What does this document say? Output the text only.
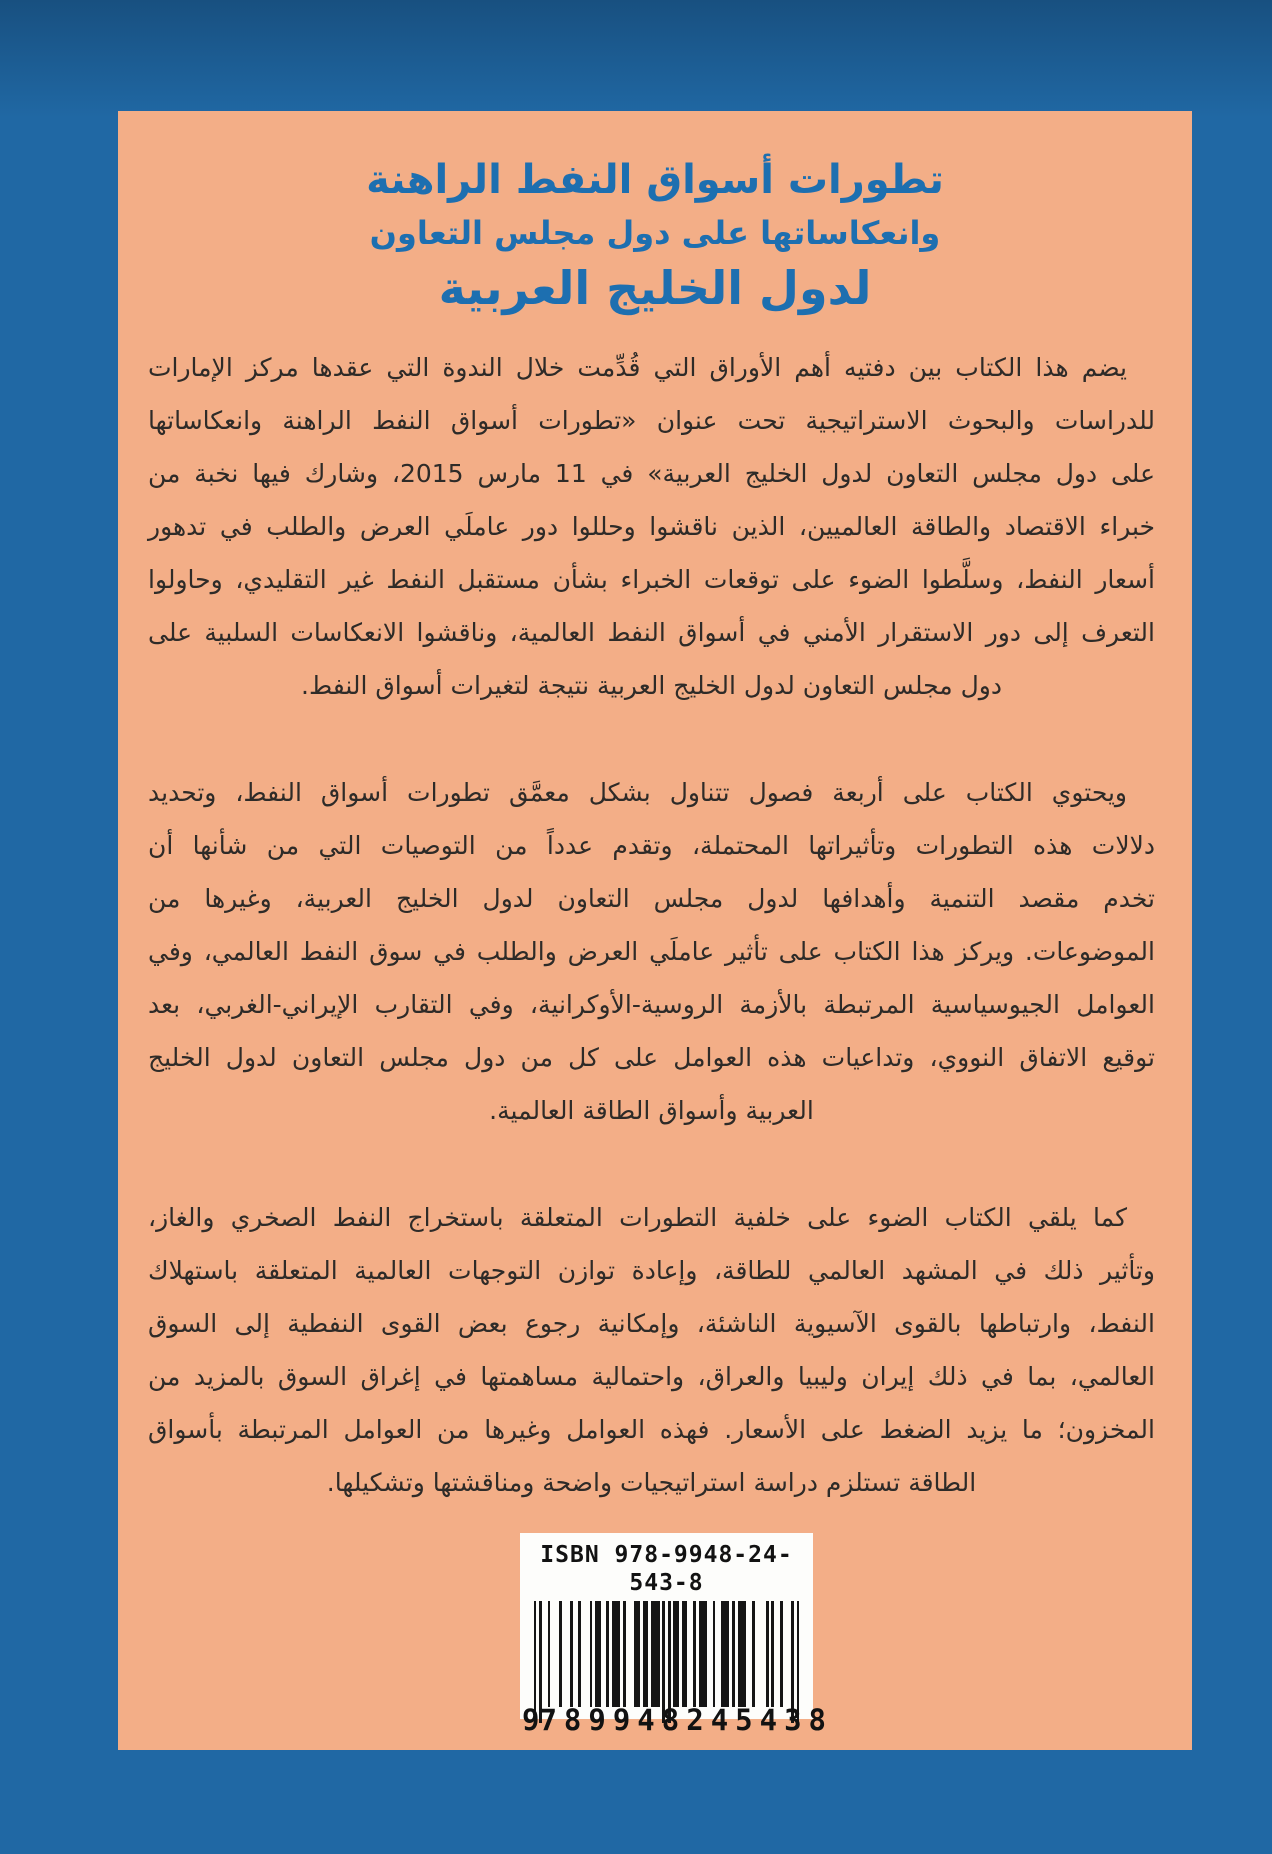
تطورات أسواق النفط الراهنة
وانعكاساتها على دول مجلس التعاون
لدول الخليج العربية

يضم هذا الكتاب بين دفتيه أهم الأوراق التي قُدِّمت خلال الندوة التي عقدها مركز الإمارات
للدراسات والبحوث الاستراتيجية تحت عنوان «تطورات أسواق النفط الراهنة وانعكاساتها
على دول مجلس التعاون لدول الخليج العربية» في 11 مارس 2015، وشارك فيها نخبة من
خبراء الاقتصاد والطاقة العالميين، الذين ناقشوا وحللوا دور عاملَي العرض والطلب في تدهور
أسعار النفط، وسلَّطوا الضوء على توقعات الخبراء بشأن مستقبل النفط غير التقليدي، وحاولوا
التعرف إلى دور الاستقرار الأمني في أسواق النفط العالمية، وناقشوا الانعكاسات السلبية على
دول مجلس التعاون لدول الخليج العربية نتيجة لتغيرات أسواق النفط.

ويحتوي الكتاب على أربعة فصول تتناول بشكل معمَّق تطورات أسواق النفط، وتحديد
دلالات هذه التطورات وتأثيراتها المحتملة، وتقدم عدداً من التوصيات التي من شأنها أن
تخدم مقصد التنمية وأهدافها لدول مجلس التعاون لدول الخليج العربية، وغيرها من
الموضوعات. ويركز هذا الكتاب على تأثير عاملَي العرض والطلب في سوق النفط العالمي، وفي
العوامل الجيوسياسية المرتبطة بالأزمة الروسية-الأوكرانية، وفي التقارب الإيراني-الغربي، بعد
توقيع الاتفاق النووي، وتداعيات هذه العوامل على كل من دول مجلس التعاون لدول الخليج
العربية وأسواق الطاقة العالمية.

كما يلقي الكتاب الضوء على خلفية التطورات المتعلقة باستخراج النفط الصخري والغاز،
وتأثير ذلك في المشهد العالمي للطاقة، وإعادة توازن التوجهات العالمية المتعلقة باستهلاك
النفط، وارتباطها بالقوى الآسيوية الناشئة، وإمكانية رجوع بعض القوى النفطية إلى السوق
العالمي، بما في ذلك إيران وليبيا والعراق، واحتمالية مساهمتها في إغراق السوق بالمزيد من
المخزون؛ ما يزيد الضغط على الأسعار. فهذه العوامل وغيرها من العوامل المرتبطة بأسواق
الطاقة تستلزم دراسة استراتيجيات واضحة ومناقشتها وتشكيلها.

ISBN 978-9948-24-543-8
9 789948 245438
